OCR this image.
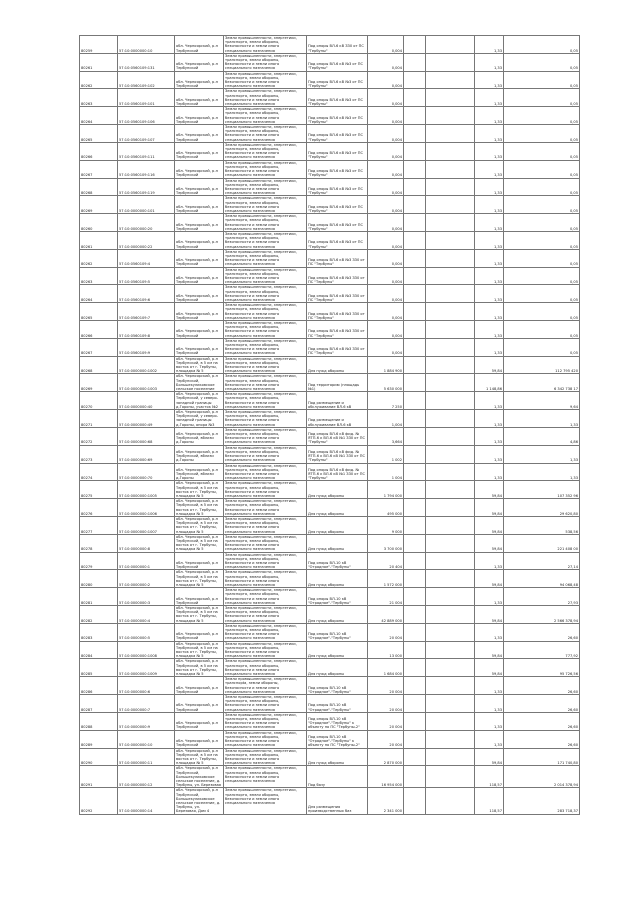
80259	57:10:0000000:10	обл. Черноярский, р-н Тербунский	Земли промышленности, энергетики, транспорта, земли обороны, безопасности и земли иного специального назначения	Под опоры ВЛ-6 кВ ЗЗ0 от ПС "Тербуны"	0,004			1,33	0,05
80261	57:10:0560109:131	обл. Черноярский, р-н Тербунский	Земли промышленности, энергетики, транспорта, земли обороны, безопасности и земли иного специального назначения	Под опоры ВЛ-6 кВ №3 от ПС "Тербуны"	0,004			1,33	0,05
80262	57:10:0560109:102	обл. Черноярский, р-н Тербунский	Земли промышленности, энергетики, транспорта, земли обороны, безопасности и земли иного специального назначения	Под опоры ВЛ-6 кВ №3 от ПС "Тербуны"	0,004			1,33	0,05
80263	57:10:0560109:101	обл. Черноярский, р-н Тербунский	Земли промышленности, энергетики, транспорта, земли обороны, безопасности и земли иного специального назначения	Под опоры ВЛ-6 кВ №3 от ПС "Тербуны"	0,004			1,33	0,05
80264	57:10:0560109:106	обл. Черноярский, р-н Тербунский	Земли промышленности, энергетики, транспорта, земли обороны, безопасности и земли иного специального назначения	Под опоры ВЛ-6 кВ №3 от ПС "Тербуны"	0,004			1,33	0,05
80265	57:10:0560109:107	обл. Черноярский, р-н Тербунский	Земли промышленности, энергетики, транспорта, земли обороны, безопасности и земли иного специального назначения	Под опоры ВЛ-6 кВ №3 от ПС "Тербуны"	0,004			1,33	0,05
80266	57:10:0560109:111	обл. Черноярский, р-н Тербунский	Земли промышленности, энергетики, транспорта, земли обороны, безопасности и земли иного специального назначения	Под опоры ВЛ-6 кВ №3 от ПС "Тербуны"	0,004			1,33	0,05
80267	57:10:0560109:116	обл. Черноярский, р-н Тербунский	Земли промышленности, энергетики, транспорта, земли обороны, безопасности и земли иного специального назначения	Под опоры ВЛ-6 кВ №3 от ПС "Тербуны"	0,004			1,33	0,05
80268	57:10:0560109:119	обл. Черноярский, р-н Тербунский	Земли промышленности, энергетики, транспорта, земли обороны, безопасности и земли иного специального назначения	Под опоры ВЛ-6 кВ №3 от ПС "Тербуны"	0,004			1,33	0,05
80269	57:10:0000000:101	обл. Черноярский, р-н Тербунский	Земли промышленности, энергетики, транспорта, земли обороны, безопасности и земли иного специального назначения	Под опоры ВЛ-6 кВ №3 от ПС "Тербуны"	0,004			1,33	0,05
80260	57:10:0000000:20	обл. Черноярский, р-н Тербунский	Земли промышленности, энергетики, транспорта, земли обороны, безопасности и земли иного специального назначения	Под опоры ВЛ-6 кВ №3 от ПС "Тербуны"	0,004			1,33	0,05
80261	57:10:0000000:22	обл. Черноярский, р-н Тербунский	Земли промышленности, энергетики, транспорта, земли обороны, безопасности и земли иного специального назначения	Под опоры ВЛ-6 кВ №3 от ПС "Тербуны"	0,004			1,33	0,05
80262	57:10:0560109:4	обл. Черноярский, р-н Тербунский	Земли промышленности, энергетики, транспорта, земли обороны, безопасности и земли иного специального назначения	Под опоры ВЛ-6 кВ №3 ЗЗ0 от ПС "Тербуны"	0,004			1,33	0,05
80263	57:10:0560109:5	обл. Черноярский, р-н Тербунский	Земли промышленности, энергетики, транспорта, земли обороны, безопасности и земли иного специального назначения	Под опоры ВЛ-6 кВ №3 ЗЗ0 от ПС "Тербуны"	0,004			1,33	0,05
80264	57:10:0560109:6	обл. Черноярский, р-н Тербунский	Земли промышленности, энергетики, транспорта, земли обороны, безопасности и земли иного специального назначения	Под опоры ВЛ-6 кВ №3 ЗЗ0 от ПС "Тербуны"	0,004			1,33	0,05
80265	57:10:0560109:7	обл. Черноярский, р-н Тербунский	Земли промышленности, энергетики, транспорта, земли обороны, безопасности и земли иного специального назначения	Под опоры ВЛ-6 кВ №3 ЗЗ0 от ПС "Тербуны"	0,004			1,33	0,05
80266	57:10:0560109:8	обл. Черноярский, р-н Тербунский	Земли промышленности, энергетики, транспорта, земли обороны, безопасности и земли иного специального назначения	Под опоры ВЛ-6 кВ №3 ЗЗ0 от ПС "Тербуны"	0,004			1,33	0,05
80267	57:10:0560109:9	обл. Черноярский, р-н Тербунский	Земли промышленности, энергетики, транспорта, земли обороны, безопасности и земли иного специального назначения	Под опоры ВЛ-6 кВ №3 ЗЗ0 от ПС "Тербуны"	0,004			1,33	0,05
80268	57:10:0000000:1002	обл. Черноярский, р-н Тербунский, в 5 км на восток от г. Тербуны, площадка № 5	Земли промышленности, энергетики, транспорта, земли обороны, безопасности и земли иного специального назначения	Для нужд обороны	1 884 900			59,84	112 795 420
80269	57:10:0000000:1003	обл. Черноярский, р-н Тербунский, Большекуликовское сельское поселение	Земли промышленности, энергетики, транспорта, земли обороны, безопасности и земли иного специального назначения	Под территорию (площадь №1)	5 630 000			1 148,86	6 342 738 17
80270	57:10:0000000:40	обл. Черноярский, р-н Тербунский, у северо-западной границы д.Гороны, участок №2	Земли промышленности, энергетики, транспорта, земли обороны, безопасности и земли иного специального назначения	Под размещение и обслуживание ВЛ-6 кВ	7 250			1,33	9,64
80271	57:10:0000000:49	обл. Черноярский, р-н Тербунский, у северо-западной границы д.Гороны, опора №3	Земли промышленности, энергетики, транспорта, земли обороны, безопасности и земли иного специального назначения	Под размещение и обслуживание ВЛ-6 кВ	1,004			1,33	1,33
80272	57:10:0000000:68	обл. Черноярский, р-н Тербунский, вблизи д.Гороны	Земли промышленности, энергетики, транспорта, земли обороны, безопасности и земли иного специального назначения	Под опоры ВЛ-6 кВ фид. № ЯТП-6 к ВЛ-6 кВ №1 ЗЗ0 от ПС "Тербуны"	3,664			1,33	4,86
80273	57:10:0000000:69	обл. Черноярский, р-н Тербунский, вблизи д.Гороны	Земли промышленности, энергетики, транспорта, земли обороны, безопасности и земли иного специального назначения	Под опоры ВЛ-6 кВ фид. № ЯТП-6 к ВЛ-6 кВ №1 ЗЗ0 от ПС "Тербуны"	1 002			1,33	1,33
80274	57:10:0000000:70	обл. Черноярский, р-н Тербунский, вблизи д.Гороны	Земли промышленности, энергетики, транспорта, земли обороны, безопасности и земли иного специального назначения	Под опоры ВЛ-6 кВ фид. № ЯТП-6 к ВЛ-6 кВ №1 ЗЗ0 от ПС "Тербуны"	1 004			1,33	1,33
80275	57:10:0000000:1005	обл. Черноярский, р-н Тербунский, в 5 км на восток от г. Тербуны, площадка № 5	Земли промышленности, энергетики, транспорта, земли обороны, безопасности и земли иного специального назначения	Для нужд обороны	1 794 000			59,84	107 352 96
80276	57:10:0000000:1006	обл. Черноярский, р-н Тербунский, в 5 км на восток от г. Тербуны, площадка № 5	Земли промышленности, энергетики, транспорта, земли обороны, безопасности и земли иного специального назначения	Для нужд обороны	495 000			59,84	29 620,80
80277	57:10:0000000:1007	обл. Черноярский, р-н Тербунский, в 5 км на восток от г. Тербуны, площадка № 5	Земли промышленности, энергетики, транспорта, земли обороны, безопасности и земли иного специального назначения	Для нужд обороны	9 000			59,84	538,56
80278	57:10:0000000:8	обл. Черноярский, р-н Тербунский, в 5 км на восток от г. Тербуны, площадка № 5	Земли промышленности, энергетики, транспорта, земли обороны, безопасности и земли иного специального назначения	Для нужд обороны	3 700 000			59,84	221 408 00
80279	57:10:0000000:1	обл. Черноярский, р-н Тербунский	Земли промышленности, энергетики, транспорта, земли обороны, безопасности и земли иного специального назначения	Под опоры ВЛ-10 кВ "Отрадное"-"Тербуны"	20 404			1,33	27,14
80280	57:10:0000000:2	обл. Черноярский, р-н Тербунский, в 5 км на восток от г. Тербуны, площадка № 5	Земли промышленности, энергетики, транспорта, земли обороны, безопасности и земли иного специального назначения	Для нужд обороны	1 572 000			59,84	94 068,48
80281	57:10:0000000:3	обл. Черноярский, р-н Тербунский	Земли промышленности, энергетики, транспорта, земли обороны, безопасности и земли иного специального назначения	Под опоры ВЛ-10 кВ "Отрадное"-"Тербуны"	21 004			1,33	27,93
80282	57:10:0000000:4	обл. Черноярский, р-н Тербунский, в 5 км на восток от г. Тербуны, площадка № 5	Земли промышленности, энергетики, транспорта, земли обороны, безопасности и земли иного специального назначения	Для нужд обороны	42 889 000			59,84	2 566 378,94
80283	57:10:0000000:5	обл. Черноярский, р-н Тербунский	Земли промышленности, энергетики, транспорта, земли обороны, безопасности и земли иного специального назначения	Под опоры ВЛ-10 кВ "Отрадное"-"Тербуны"	20 004			1,33	26,60
80284	57:10:0000000:1008	обл. Черноярский, р-н Тербунский, в 5 км на восток от г. Тербуны, площадка № 5	Земли промышленности, энергетики, транспорта, земли обороны, безопасности и земли иного специального назначения	Для нужд обороны	13 000			59,84	777,92
80285	57:10:0000000:1009	обл. Черноярский, р-н Тербунский, в 5 км на восток от г. Тербуны, площадка № 5	Земли промышленности, энергетики, транспорта, земли обороны, безопасности и земли иного специального назначения	Для нужд обороны	1 684 000			59,84	95 726,56
80286	57:10:0000000:6	обл. Черноярский, р-н Тербунский	Земли промышленности, энергетики, транспорta, земли обороны, безопасности и земли иного специального назначения	Под опоры ВЛ-10 кВ "Отрадное"-"Тербуны"	20 004			1,33	26,60
80287	57:10:0000000:7	обл. Черноярский, р-н Тербунский	Земли промышленности, энергетики, транспорта, земли обороны, безопасности и земли иного специального назначения	Под опоры ВЛ-10 кВ "Отрадное"-"Тербуны"	20 004			1,33	26,60
80288	57:10:0000000:9	обл. Черноярский, р-н Тербунский	Земли промышленности, энергетики, транспорта, земли обороны, безопасности и земли иного специального назначения	Под опоры ВЛ-10 кВ "Отрадное"-"Тербуны" к объекту по ПС "Тербуны-2"	20 004			1,33	26,60
80289	57:10:0000000:10	обл. Черноярский, р-н Тербунский	Земли промышленности, энергетики, транспорта, земли обороны, безопасности и земли иного специального назначения	Под опоры ВЛ-10 кВ "Отрадное"-"Тербуны" к объекту по ПС "Тербуны-2"	20 004			1,33	26,60
80290	57:10:0000000:11	обл. Черноярский, р-н Тербунский, в 5 км на восток от г. Тербуны, площадка № 5	Земли промышленности, энергетики, транспорта, земли обороны, безопасности и земли иного специального назначения	Для нужд обороны	2 870 000			59,84	171 740,80
80291	57:10:0000000:12	обл. Черноярский, р-н Тербунский, Большекуликовское сельское поселение, д. Тербуны, ул. Березовая	Земли промышленности, энергетики, транспорта, земли обороны, безопасности и земли иного специального назначения	Под базу	16 954 000			118,57	2 014 378,94
80292	57:10:0000000:14	обл. Черноярский, р-н Тербунский, Большекуликовское сельское поселение, д. Тербуны, ул. Березовая, Дом 4	Земли промышленности, энергетики, транспорта, земли обороны, безопасности и земли иного специального назначения	Для размещения производственных баз	2 341 000			118,57	283 718,37
